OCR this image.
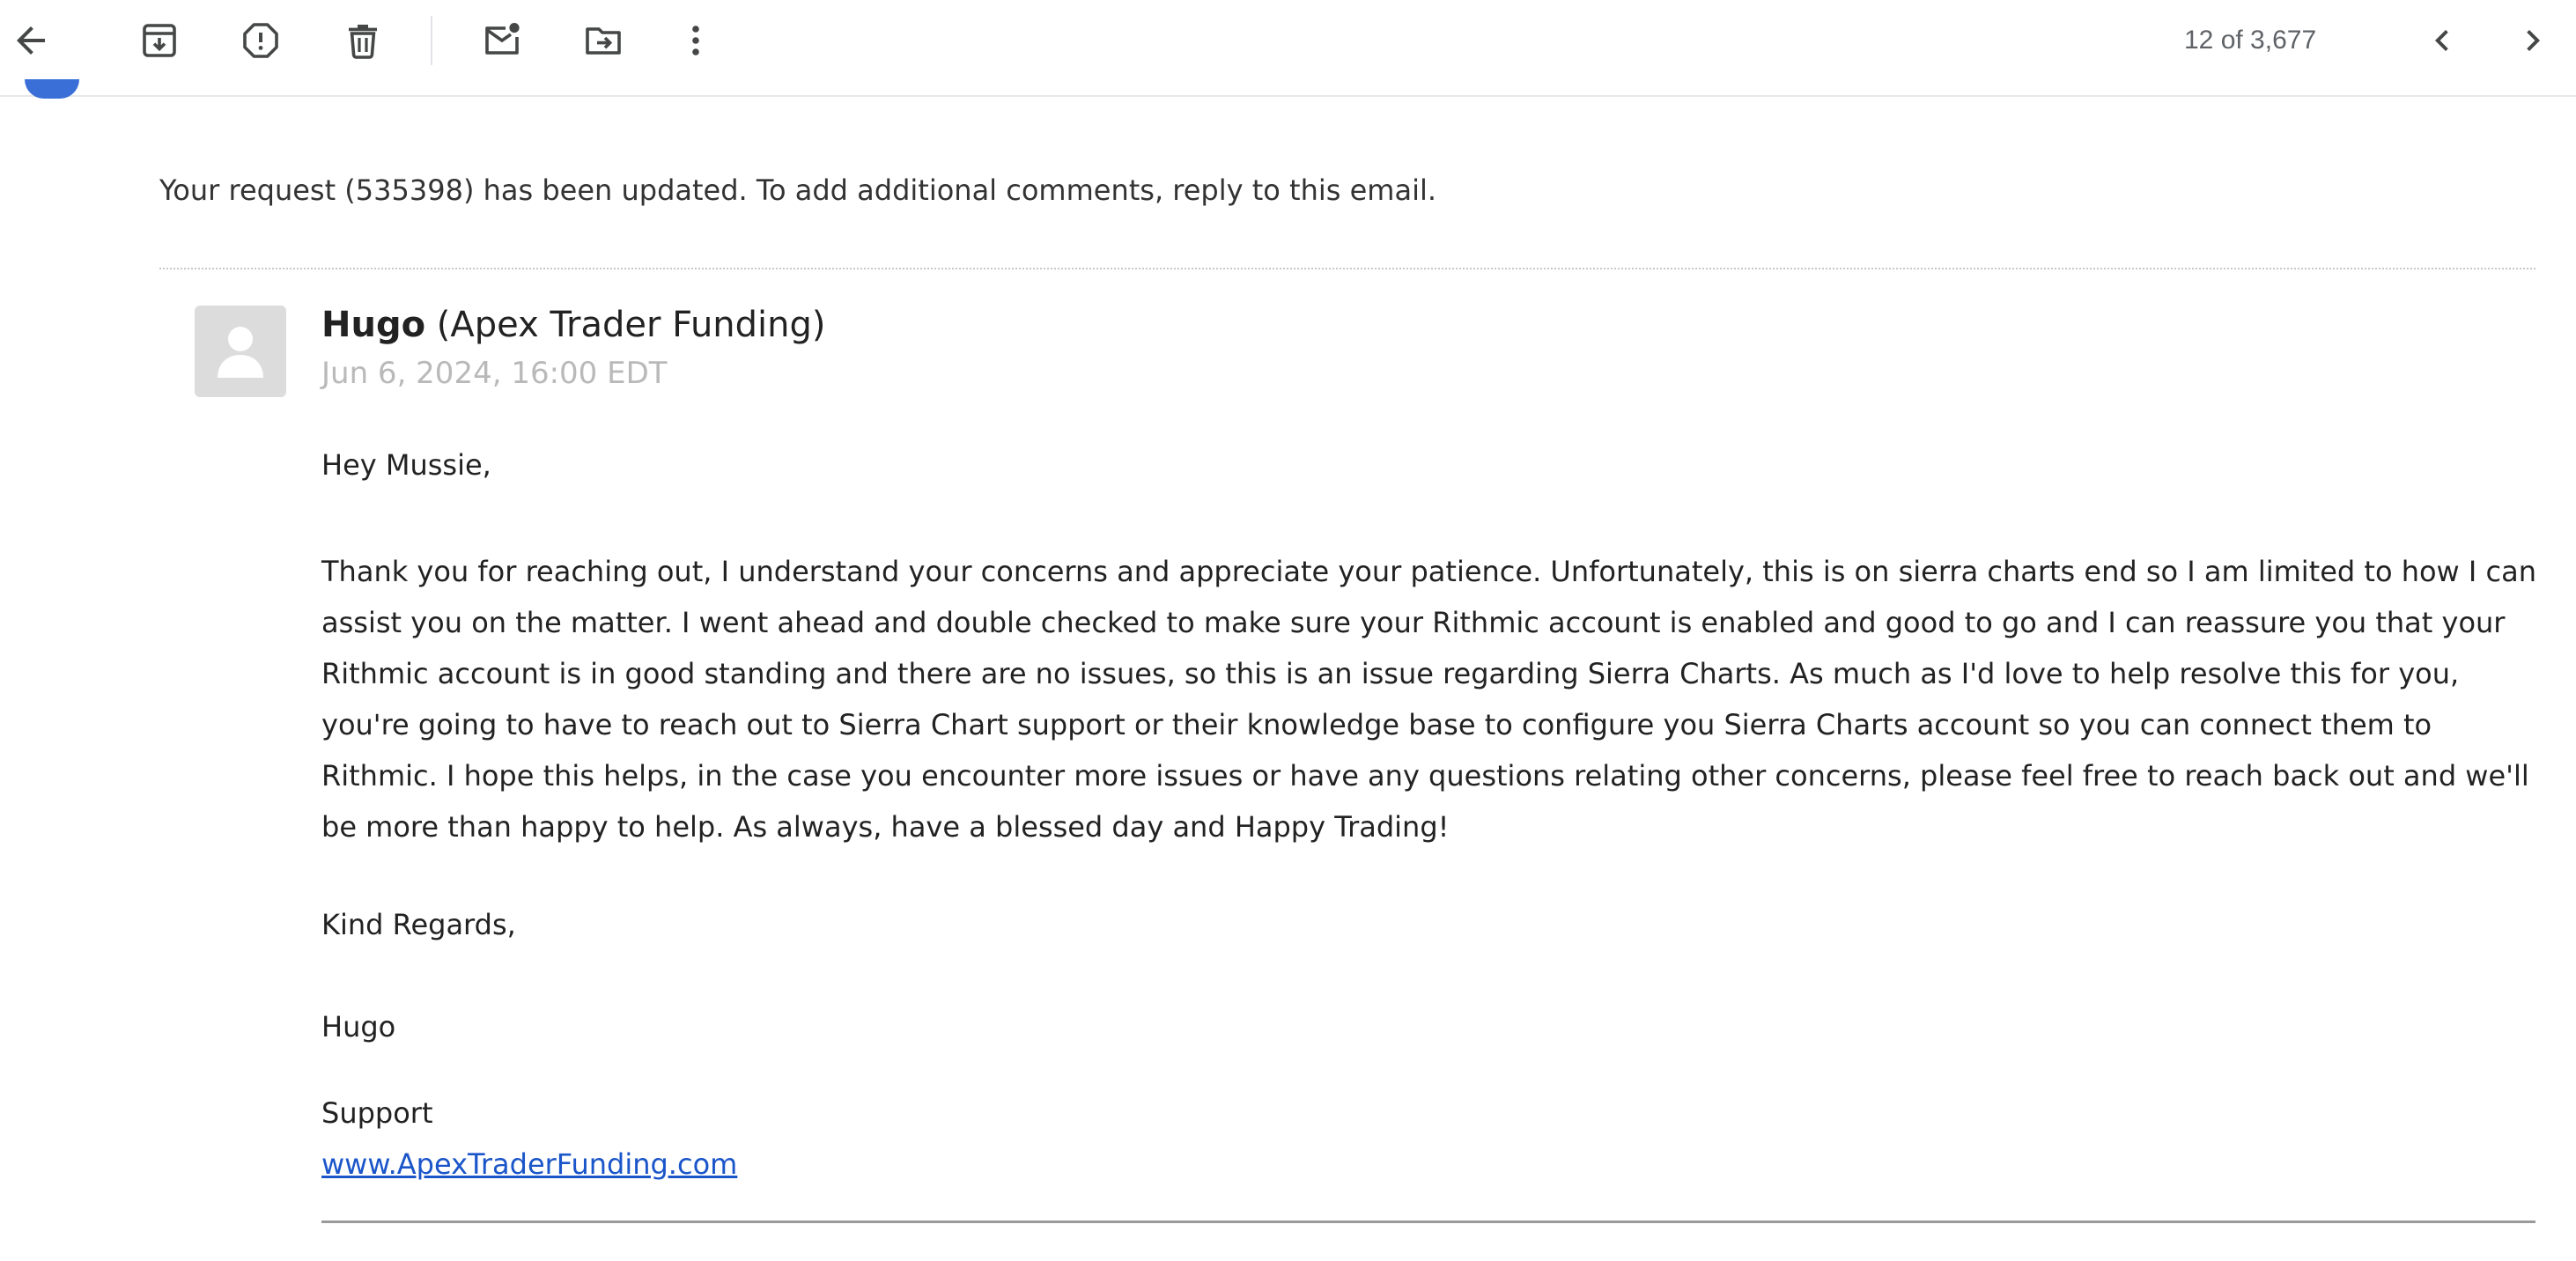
12 of 3,677
Your request (535398) has been updated. To add additional comments, reply to this email.
Hugo (Apex Trader Funding)
Jun 6, 2024, 16:00 EDT
Hey Mussie,
Thank you for reaching out, I understand your concerns and appreciate your patience. Unfortunately, this is on sierra charts end so I am limited to how I can
assist you on the matter. I went ahead and double checked to make sure your Rithmic account is enabled and good to go and I can reassure you that your
Rithmic account is in good standing and there are no issues, so this is an issue regarding Sierra Charts. As much as I'd love to help resolve this for you,
you're going to have to reach out to Sierra Chart support or their knowledge base to configure you Sierra Charts account so you can connect them to
Rithmic. I hope this helps, in the case you encounter more issues or have any questions relating other concerns, please feel free to reach back out and we'll
be more than happy to help. As always, have a blessed day and Happy Trading!
Kind Regards,
Hugo
Support
www.ApexTraderFunding.com
